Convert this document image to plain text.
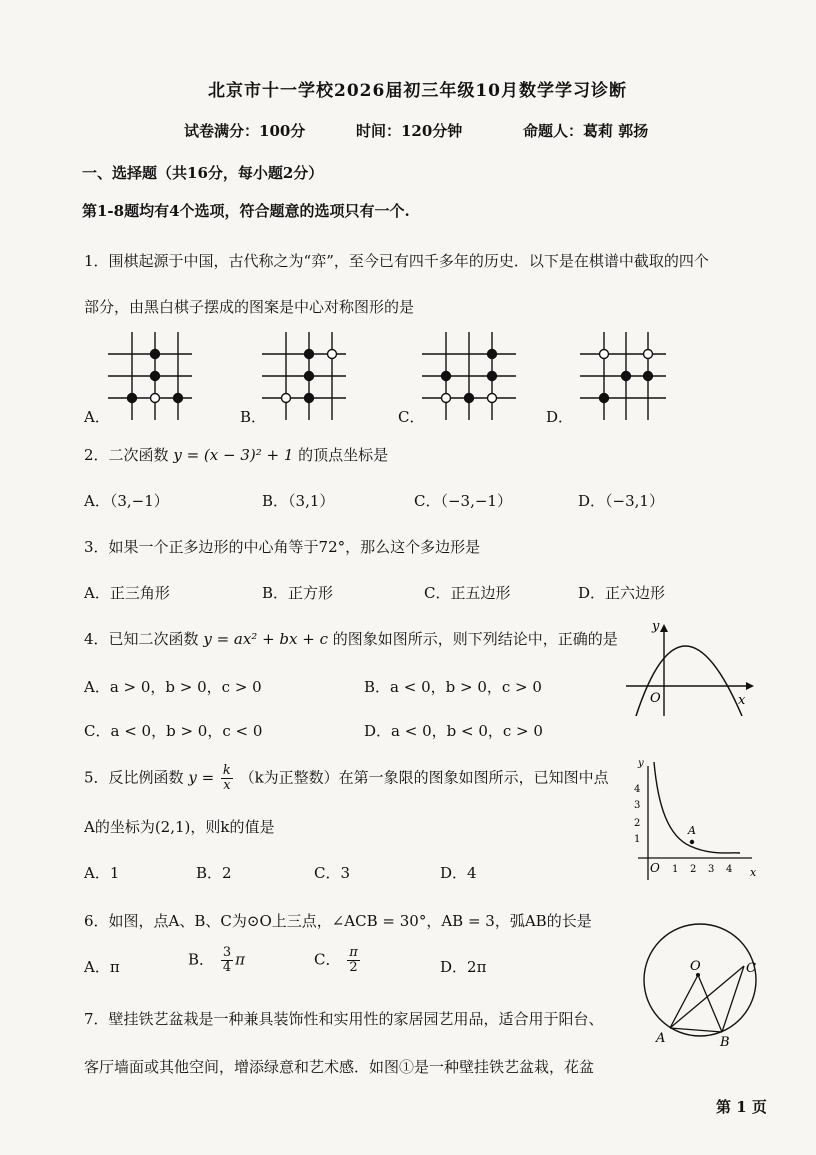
北京市十一学校2026届初三年级10月数学学习诊断
试卷满分：100分	时间：120分钟	命题人：葛莉 郭扬
一、选择题（共16分，每小题2分）
第1-8题均有4个选项，符合题意的选项只有一个.
1．围棋起源于中国，古代称之为“弈”，至今已有四千多年的历史．以下是在棋谱中截取的四个
部分，由黑白棋子摆成的图案是中心对称图形的是
A．	B．	C．	D．
2．二次函数 y = (x − 3)² + 1 的顶点坐标是
A．（3,−1）	B．（3,1）	C．（−3,−1）	D．（−3,1）
3．如果一个正多边形的中心角等于72°，那么这个多边形是
A．正三角形	B．正方形	C．正五边形	D．正六边形
4．已知二次函数 y = ax² + bx + c 的图象如图所示，则下列结论中，正确的是
A．a > 0，b > 0，c > 0	B．a < 0，b > 0，c > 0
C．a < 0，b > 0，c < 0	D．a < 0，b < 0，c > 0
y
x
O
5．反比例函数 $y = \frac{k}{x} (k$为正整数）在第一象限的图象如图所示，已知图中点
A的坐标为(2,1)，则k的值是
A．1	B．2	C．3	D．4
A
y
x
O
4
3
2
1
1 2 3 4
6．如图，点A、B、C为⊙O上三点，∠ACB = 30°，AB = 3，弧AB的长是
A．π	B． $\frac{3}{4}$ π	C． $\frac{\pi}{2}$	D．2π	O
A	B
C
7．壁挂铁艺盆栽是一种兼具装饰性和实用性的家居园艺用品，适合用于阳台、
客厅墙面或其他空间，增添绿意和艺术感．如图①是一种壁挂铁艺盆栽，花盆
第 1 页
